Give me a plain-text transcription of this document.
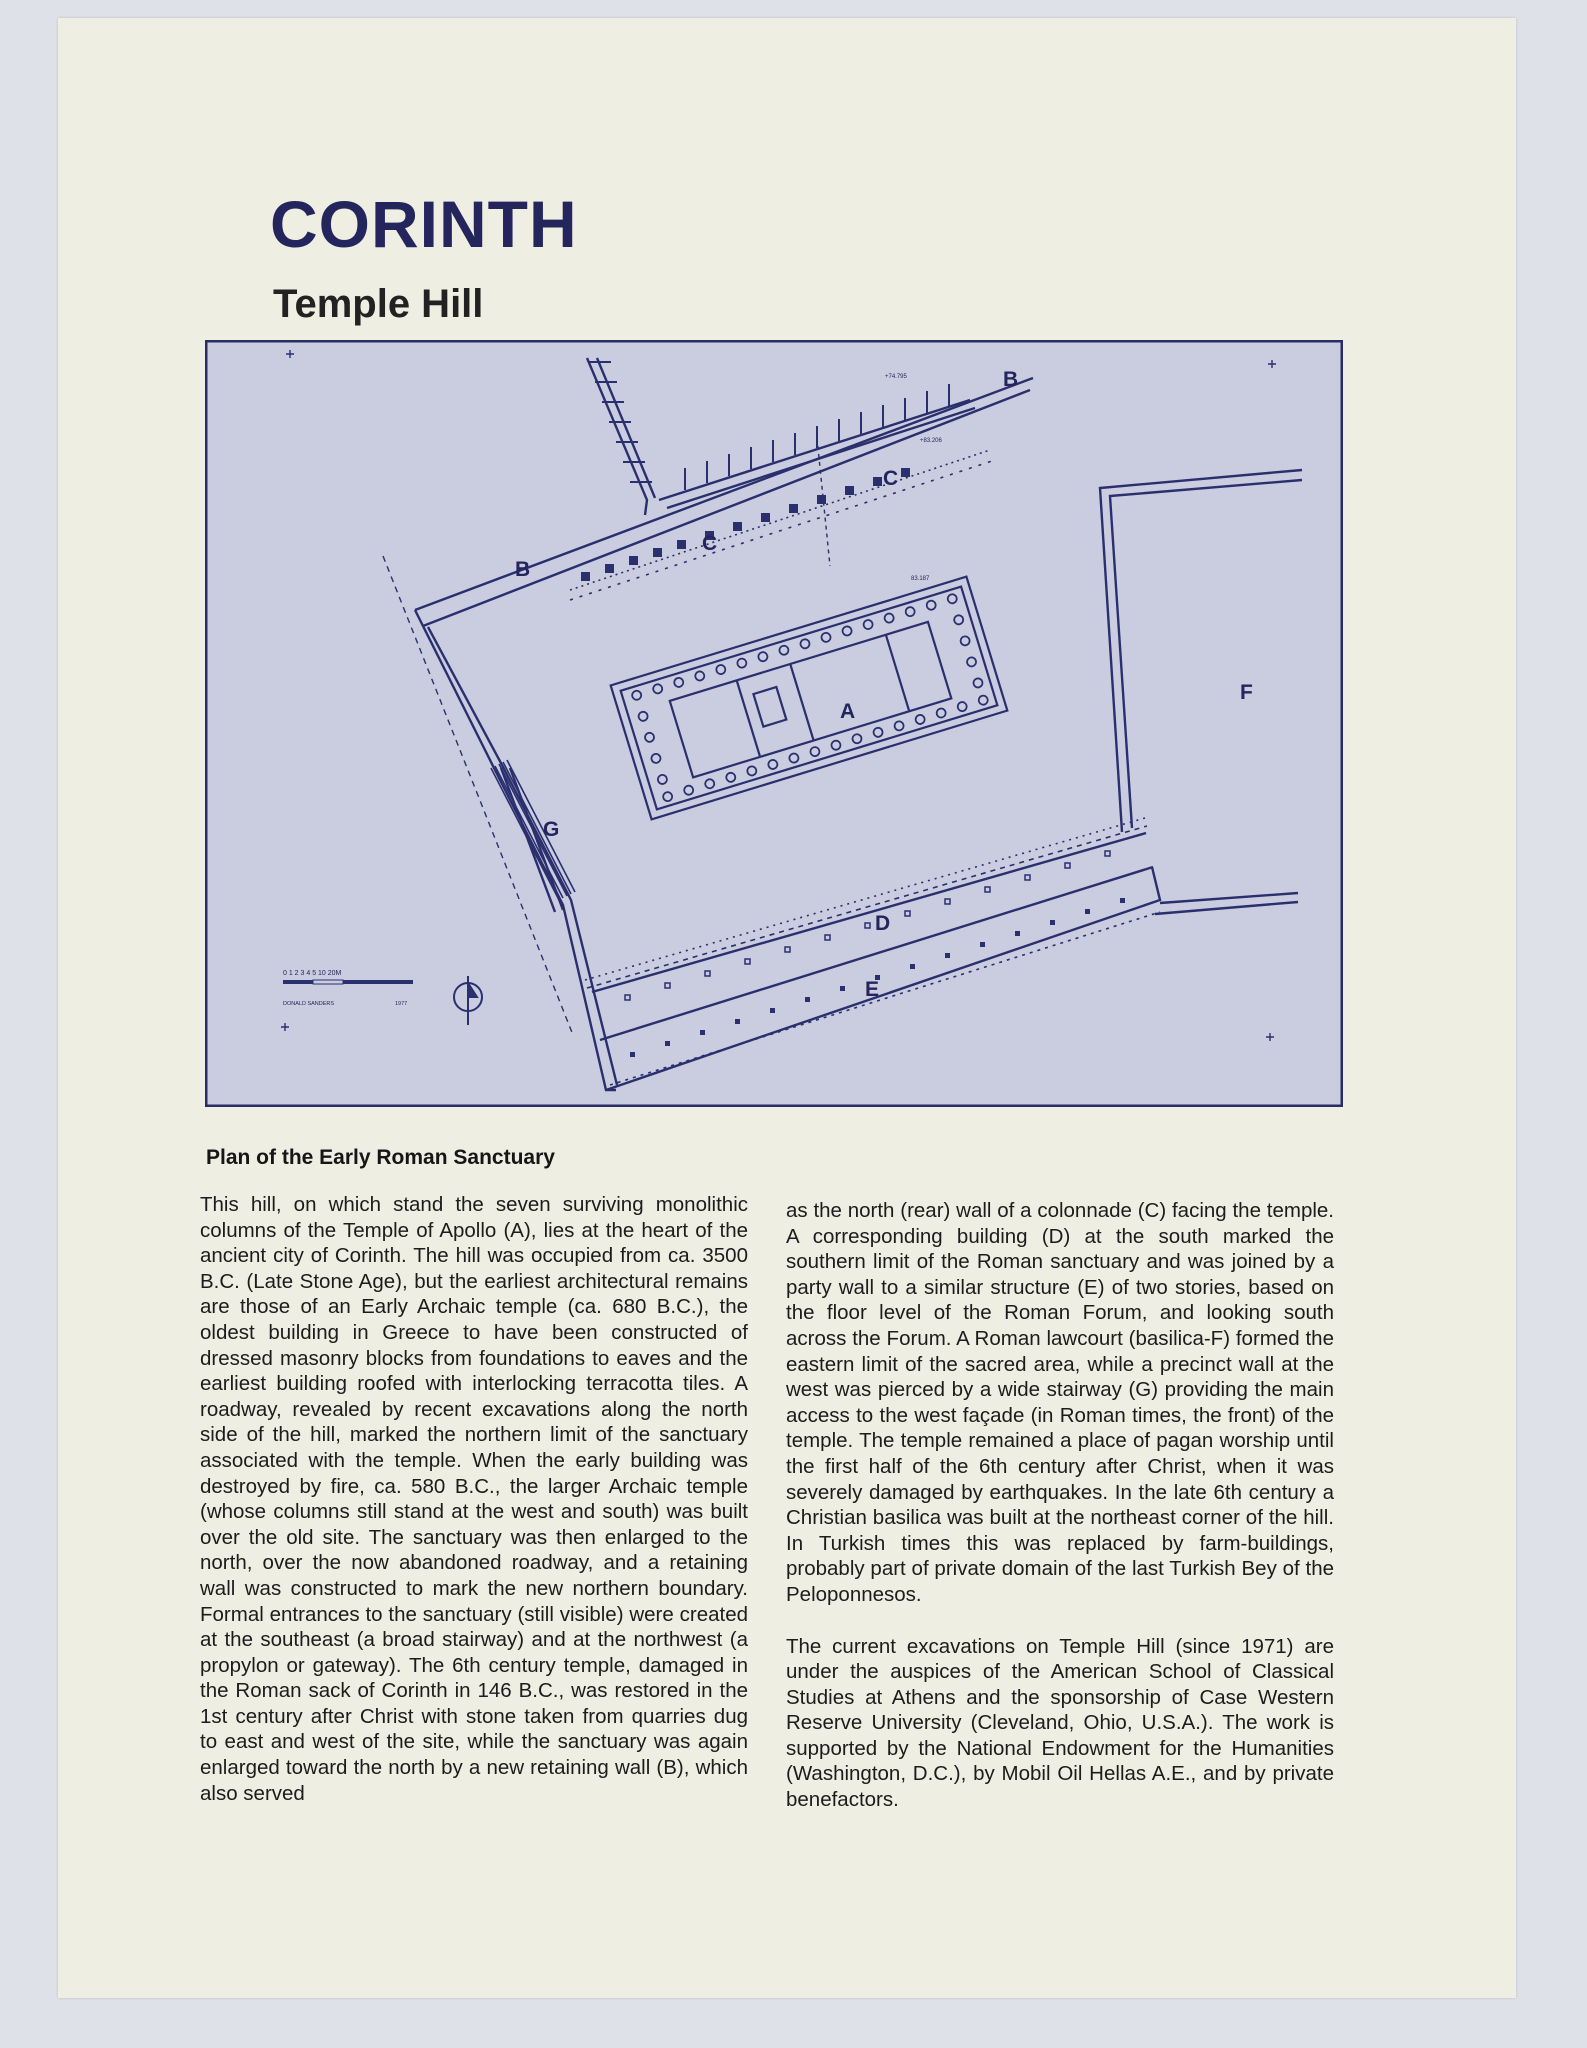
CORINTH
Temple Hill
A
B
B
C
C
D
E
F
G
0 1 2 3 4 5 10 20M
DONALD SANDERS	1977
+74.795
+83.206
83.187
Plan of the Early Roman Sanctuary

This hill, on which stand the seven surviving monolithic columns of the Temple of Apollo (A), lies at the heart of the ancient city of Corinth. The hill was occupied from ca. 3500 B.C. (Late Stone Age), but the earliest architectural remains are those of an Early Archaic temple (ca. 680 B.C.), the oldest building in Greece to have been constructed of dressed masonry blocks from foundations to eaves and the earliest building roofed with interlocking terracotta tiles. A roadway, revealed by recent excavations along the north side of the hill, marked the northern limit of the sanctuary associated with the temple. When the early building was destroyed by fire, ca. 580 B.C., the larger Archaic temple (whose columns still stand at the west and south) was built over the old site. The sanctuary was then enlarged to the north, over the now abandoned roadway, and a retaining wall was constructed to mark the new northern boundary. Formal entrances to the sanctuary (still visible) were created at the southeast (a broad stairway) and at the northwest (a propylon or gateway). The 6th century temple, damaged in the Roman sack of Corinth in 146 B.C., was restored in the 1st century after Christ with stone taken from quarries dug to east and west of the site, while the sanctuary was again enlarged toward the north by a new retaining wall (B), which also served

as the north (rear) wall of a colonnade (C) facing the temple. A corresponding building (D) at the south marked the southern limit of the Roman sanctuary and was joined by a party wall to a similar structure (E) of two stories, based on the floor level of the Roman Forum, and looking south across the Forum. A Roman lawcourt (basilica-F) formed the eastern limit of the sacred area, while a precinct wall at the west was pierced by a wide stairway (G) providing the main access to the west façade (in Roman times, the front) of the temple. The temple remained a place of pagan worship until the first half of the 6th century after Christ, when it was severely damaged by earthquakes. In the late 6th century a Christian basilica was built at the northeast corner of the hill. In Turkish times this was replaced by farm-buildings, probably part of private domain of the last Turkish Bey of the Peloponnesos.

The current excavations on Temple Hill (since 1971) are under the auspices of the American School of Classical Studies at Athens and the sponsorship of Case Western Reserve University (Cleveland, Ohio, U.S.A.). The work is supported by the National Endowment for the Humanities (Washington, D.C.), by Mobil Oil Hellas A.E., and by private benefactors.
